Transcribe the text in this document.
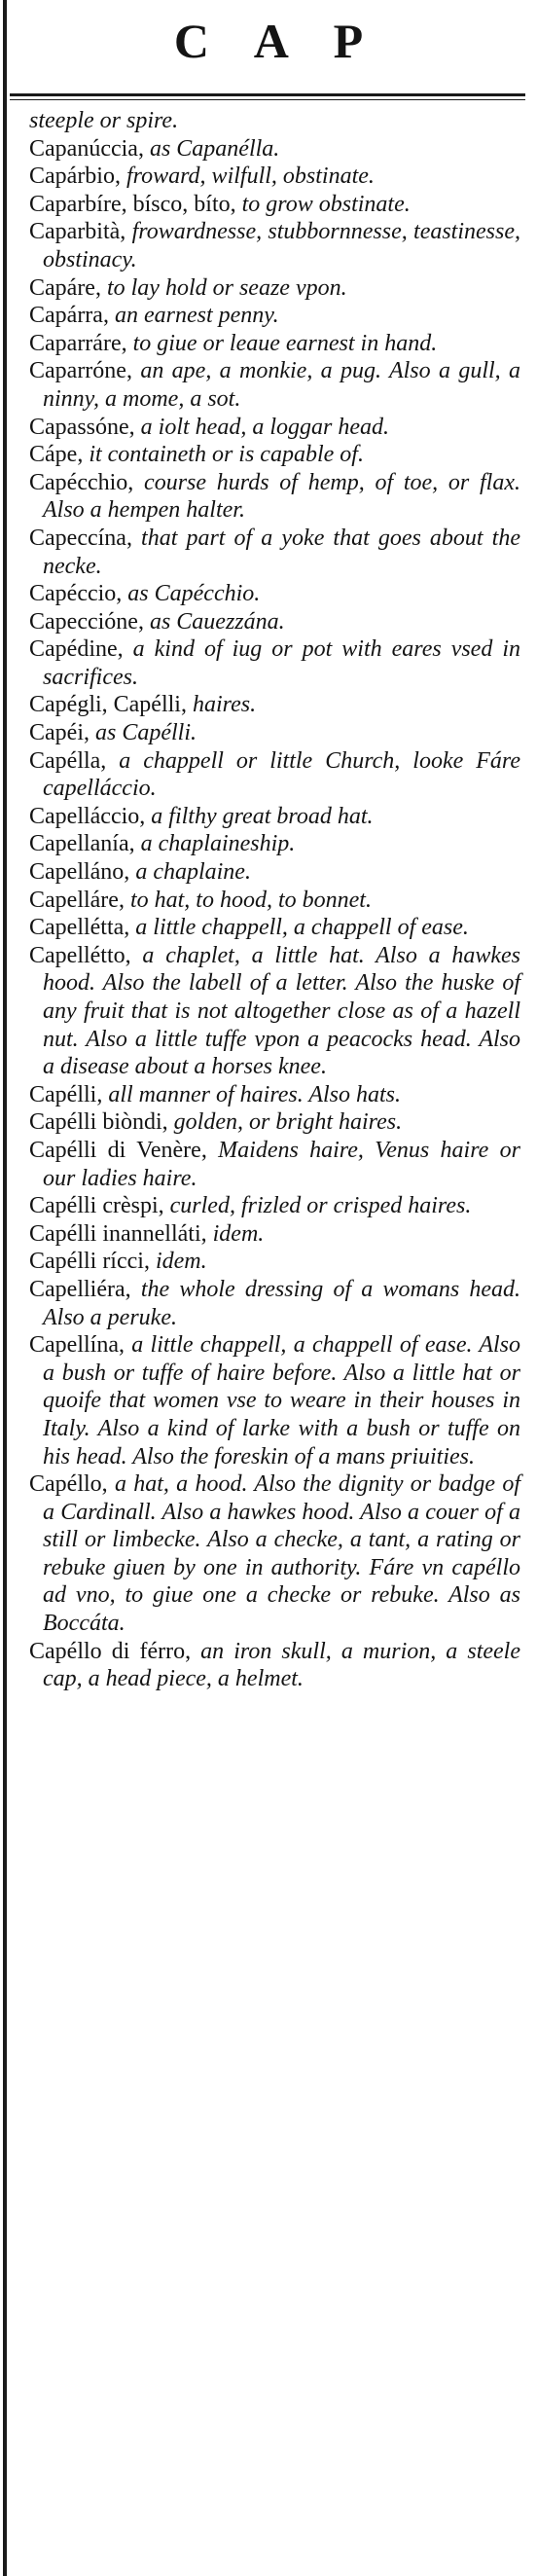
C A P

steeple or spire.

Capanúccia, as Capanélla.

Capárbio, froward, wilfull, obstinate.

Caparbíre, bísco, bíto, to grow obstinate.

Caparbità, frowardnesse, stubbornnesse, teastinesse, obstinacy.

Capáre, to lay hold or seaze vpon.

Capárra, an earnest penny.

Caparráre, to giue or leaue earnest in hand.

Caparróne, an ape, a monkie, a pug. Also a gull, a ninny, a mome, a sot.

Capassóne, a iolt head, a loggar head.

Cápe, it containeth or is capable of.

Capécchio, course hurds of hemp, of toe, or flax. Also a hempen halter.

Capeccína, that part of a yoke that goes about the necke.

Capéccio, as Capécchio.

Capeccióne, as Cauezzána.

Capédine, a kind of iug or pot with eares vsed in sacrifices.

Capégli, Capélli, haires.

Capéi, as Capélli.

Capélla, a chappell or little Church, looke Fáre capelláccio.

Capelláccio, a filthy great broad hat.

Capellanía, a chaplaineship.

Capelláno, a chaplaine.

Capelláre, to hat, to hood, to bonnet.

Capellétta, a little chappell, a chappell of ease.

Capellétto, a chaplet, a little hat. Also a hawkes hood. Also the labell of a letter. Also the huske of any fruit that is not altogether close as of a hazell nut. Also a little tuffe vpon a peacocks head. Also a disease about a horses knee.

Capélli, all manner of haires. Also hats.

Capélli biòndi, golden, or bright haires.

Capélli di Venère, Maidens haire, Venus haire or our ladies haire.

Capélli crèspi, curled, frizled or crisped haires.

Capélli inannelláti, idem.

Capélli rícci, idem.

Capelliéra, the whole dressing of a womans head. Also a peruke.

Capellína, a little chappell, a chappell of ease. Also a bush or tuffe of haire before. Also a little hat or quoife that women vse to weare in their houses in Italy. Also a kind of larke with a bush or tuffe on his head. Also the foreskin of a mans priuities.

Capéllo, a hat, a hood. Also the dignity or badge of a Cardinall. Also a hawkes hood. Also a couer of a still or limbecke. Also a checke, a tant, a rating or rebuke giuen by one in authority. Fáre vn capéllo ad vno, to giue one a checke or rebuke. Also as Boccáta.

Capéllo di férro, an iron skull, a murion, a steele cap, a head piece, a helmet.
